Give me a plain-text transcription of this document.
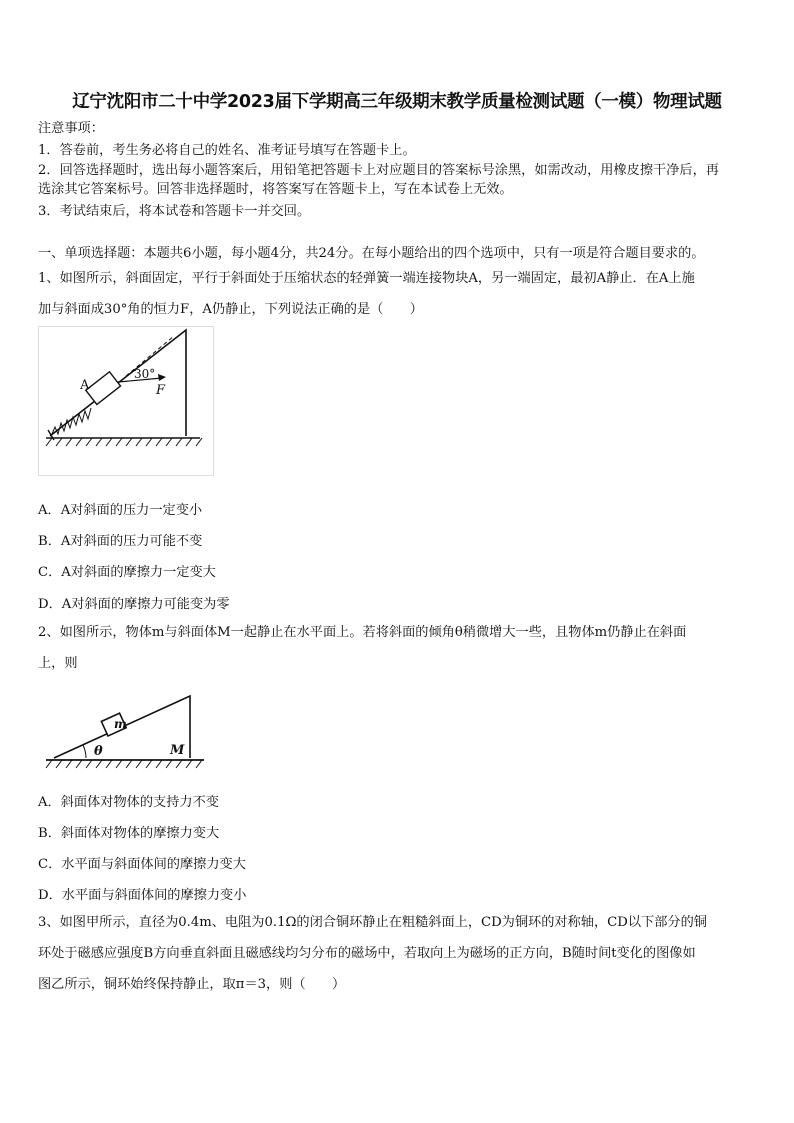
辽宁沈阳市二十中学2023届下学期高三年级期末教学质量检测试题（一模）物理试题
注意事项：
1．答卷前，考生务必将自己的姓名、准考证号填写在答题卡上。
2．回答选择题时，选出每小题答案后，用铅笔把答题卡上对应题目的答案标号涂黑，如需改动，用橡皮擦干净后，再
选涂其它答案标号。回答非选择题时，将答案写在答题卡上，写在本试卷上无效。
3．考试结束后，将本试卷和答题卡一并交回。
一、单项选择题：本题共6小题，每小题4分，共24分。在每小题给出的四个选项中，只有一项是符合题目要求的。
1、如图所示，斜面固定，平行于斜面处于压缩状态的轻弹簧一端连接物块A，另一端固定，最初A静止．在A上施
加与斜面成30°角的恒力F，A仍静止，下列说法正确的是（　　）
A	F
30°
A．A对斜面的压力一定变小
B．A对斜面的压力可能不变
C．A对斜面的摩擦力一定变大
D．A对斜面的摩擦力可能变为零
2、如图所示，物体m与斜面体M一起静止在水平面上。若将斜面的倾角θ稍微增大一些，且物体m仍静止在斜面
上，则
m
θ	M
A．斜面体对物体的支持力不变
B．斜面体对物体的摩擦力变大
C．水平面与斜面体间的摩擦力变大
D．水平面与斜面体间的摩擦力变小
3、如图甲所示，直径为0.4m、电阻为0.1Ω的闭合铜环静止在粗糙斜面上，CD为铜环的对称轴，CD以下部分的铜
环处于磁感应强度B方向垂直斜面且磁感线均匀分布的磁场中，若取向上为磁场的正方向，B随时间t变化的图像如
图乙所示，铜环始终保持静止，取π＝3，则（　　）
